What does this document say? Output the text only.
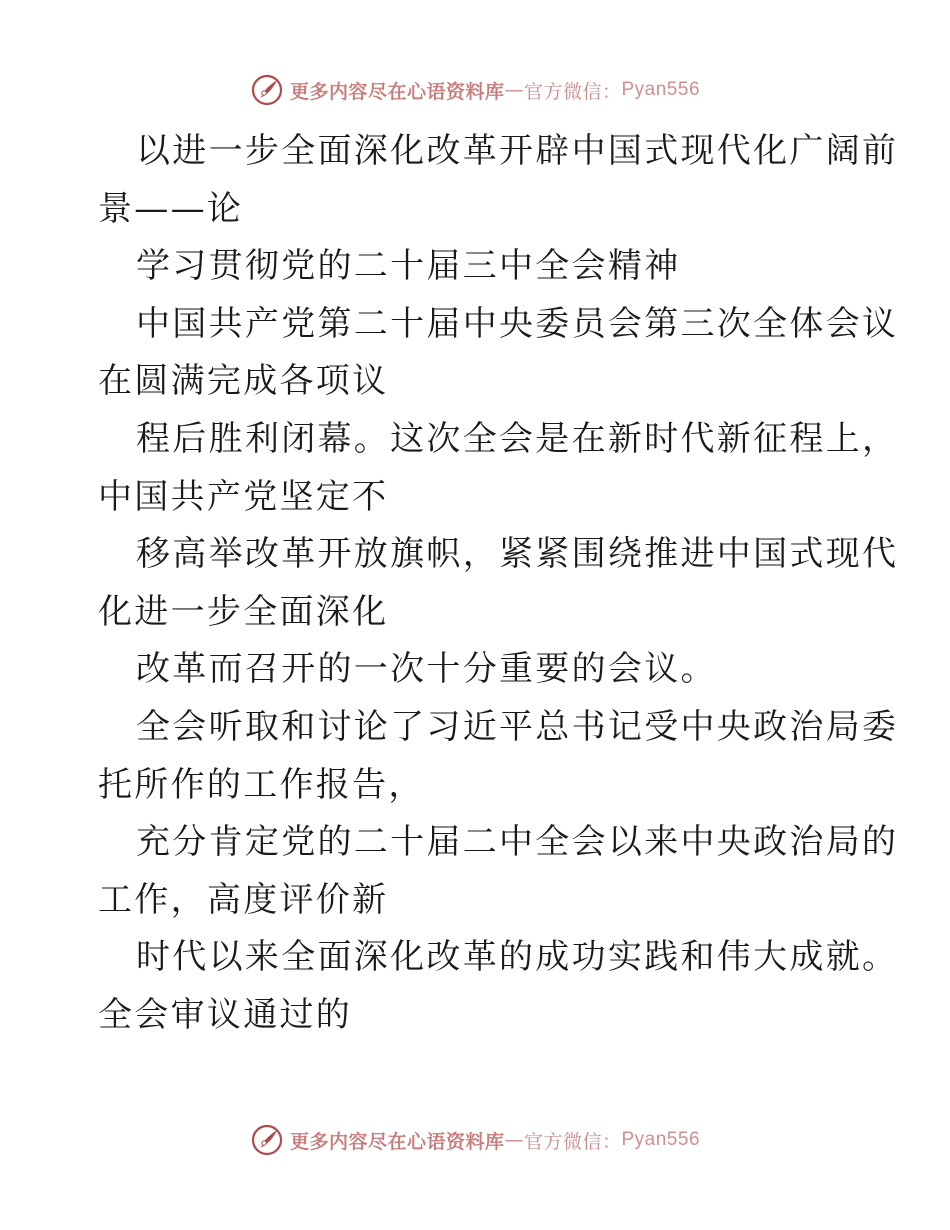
更多内容尽在心语资料库 — 官方微信： Pyan556
以进一步全面深化改革开辟中国式现代化广阔前
景——论
学习贯彻党的二十届三中全会精神
中国共产党第二十届中央委员会第三次全体会议
在圆满完成各项议
程后胜利闭幕。这次全会是在新时代新征程上，
中国共产党坚定不
移高举改革开放旗帜，紧紧围绕推进中国式现代
化进一步全面深化
改革而召开的一次十分重要的会议。
全会听取和讨论了习近平总书记受中央政治局委
托所作的工作报告，
充分肯定党的二十届二中全会以来中央政治局的
工作，高度评价新
时代以来全面深化改革的成功实践和伟大成就。
全会审议通过的
更多内容尽在心语资料库 — 官方微信： Pyan556
